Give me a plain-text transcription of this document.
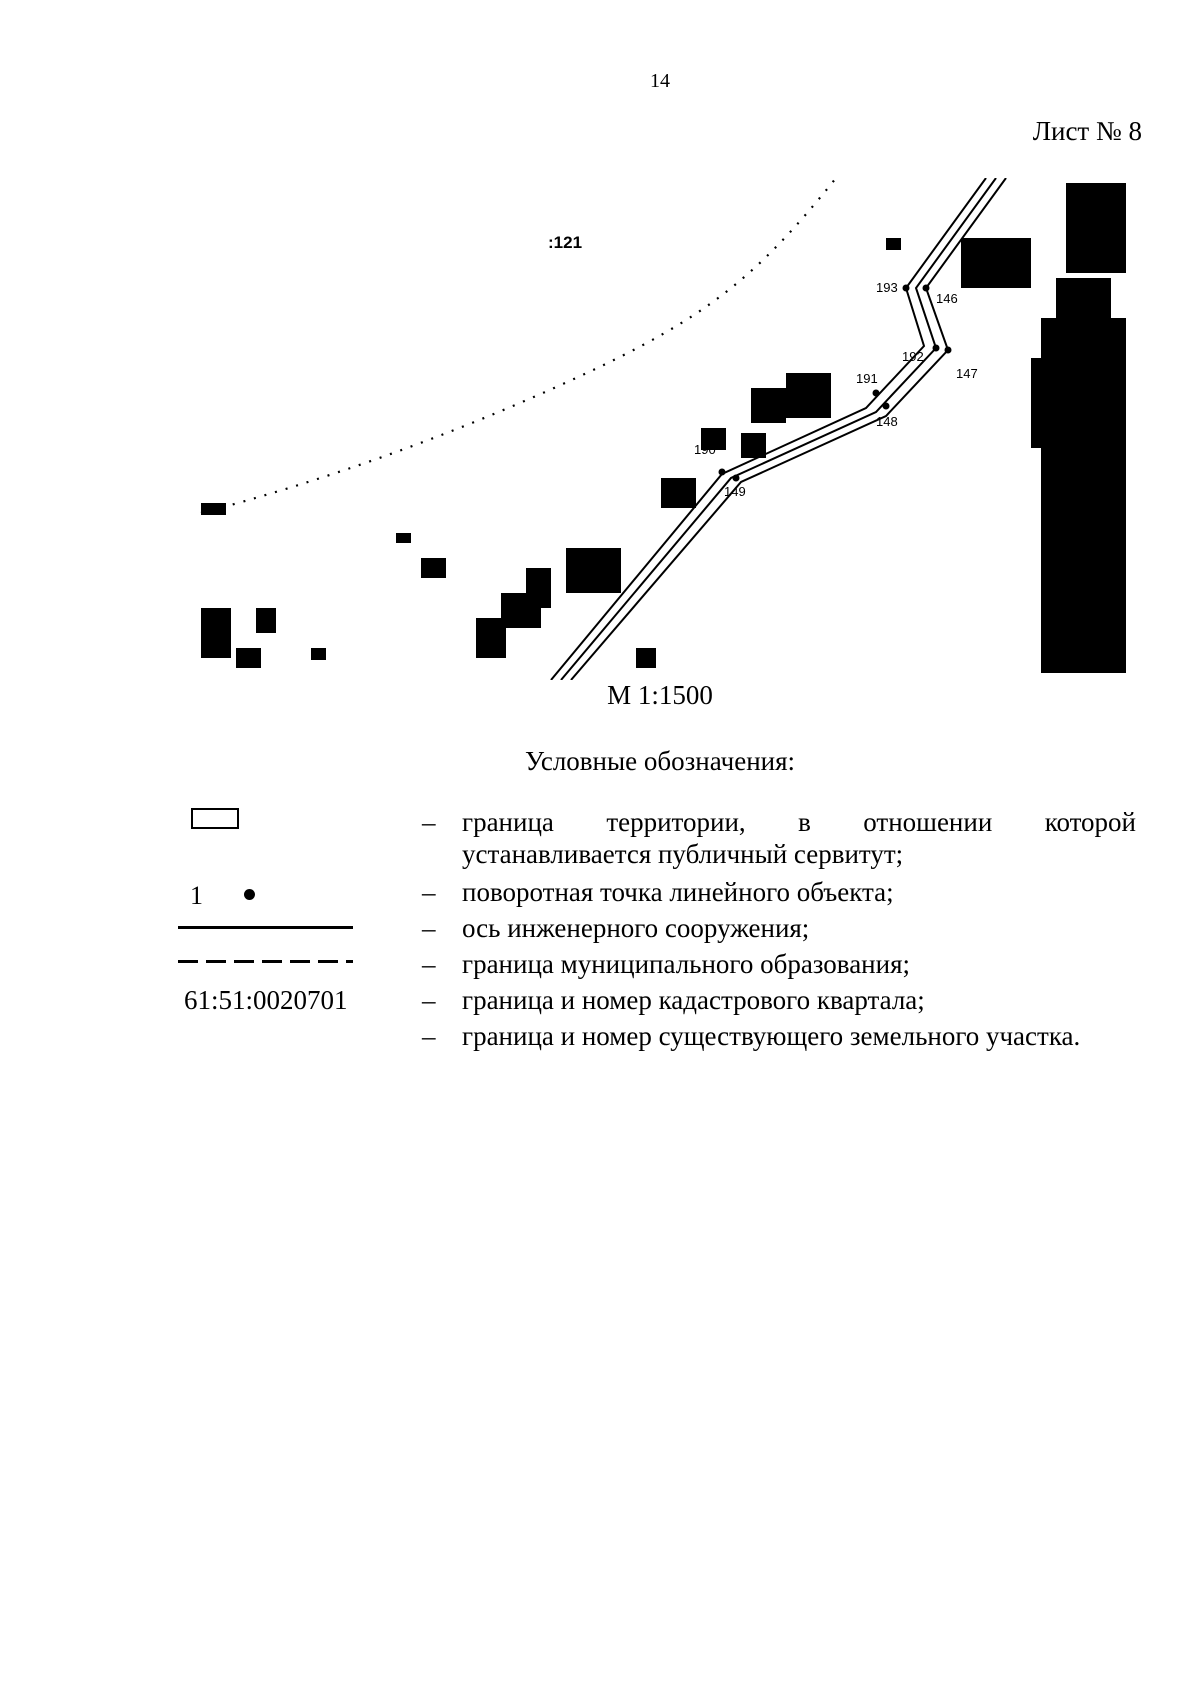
14
Лист № 8
:121
193
146
192
147
191
148
190
149
М 1:1500
Условные обозначения:
– граница территории, в отношении которой
устанавливается публичный сервитут;
1	– поворотная точка линейного объекта;
– ось инженерного сооружения;
– граница муниципального образования;
61:51:0020701	– граница и номер кадастрового квартала;
– граница и номер существующего земельного участка.
